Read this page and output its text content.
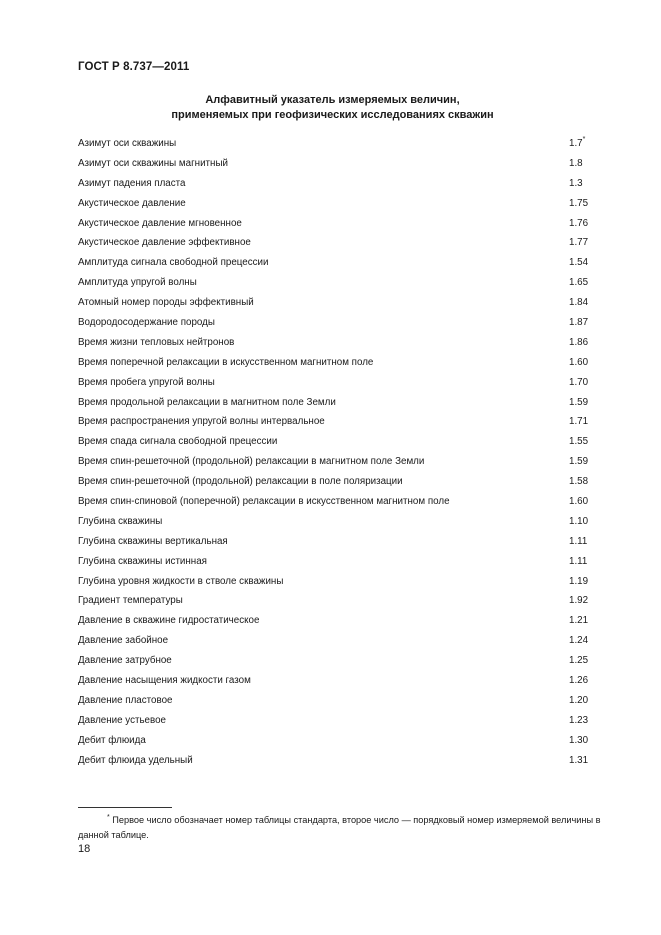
ГОСТ Р 8.737—2011
Алфавитный указатель измеряемых величин,
применяемых при геофизических исследованиях скважин
Азимут оси скважины	1.7*
Азимут оси скважины магнитный	1.8
Азимут падения пласта	1.3
Акустическое давление	1.75
Акустическое давление мгновенное	1.76
Акустическое давление эффективное	1.77
Амплитуда сигнала свободной прецессии	1.54
Амплитуда упругой волны	1.65
Атомный номер породы эффективный	1.84
Водородосодержание породы	1.87
Время жизни тепловых нейтронов	1.86
Время поперечной релаксации в искусственном магнитном поле	1.60
Время пробега упругой волны	1.70
Время продольной релаксации в магнитном поле Земли	1.59
Время распространения упругой волны интервальное	1.71
Время спада сигнала свободной прецессии	1.55
Время спин-решеточной (продольной) релаксации в магнитном поле Земли	1.59
Время спин-решеточной (продольной) релаксации в поле поляризации	1.58
Время спин-спиновой (поперечной) релаксации в искусственном магнитном поле	1.60
Глубина скважины	1.10
Глубина скважины вертикальная	1.11
Глубина скважины истинная	1.11
Глубина уровня жидкости в стволе скважины	1.19
Градиент температуры	1.92
Давление в скважине гидростатическое	1.21
Давление забойное	1.24
Давление затрубное	1.25
Давление насыщения жидкости газом	1.26
Давление пластовое	1.20
Давление устьевое	1.23
Дебит флюида	1.30
Дебит флюида удельный	1.31
* Первое число обозначает номер таблицы стандарта, второе число — порядковый номер измеряемой величины в данной таблице.
18
